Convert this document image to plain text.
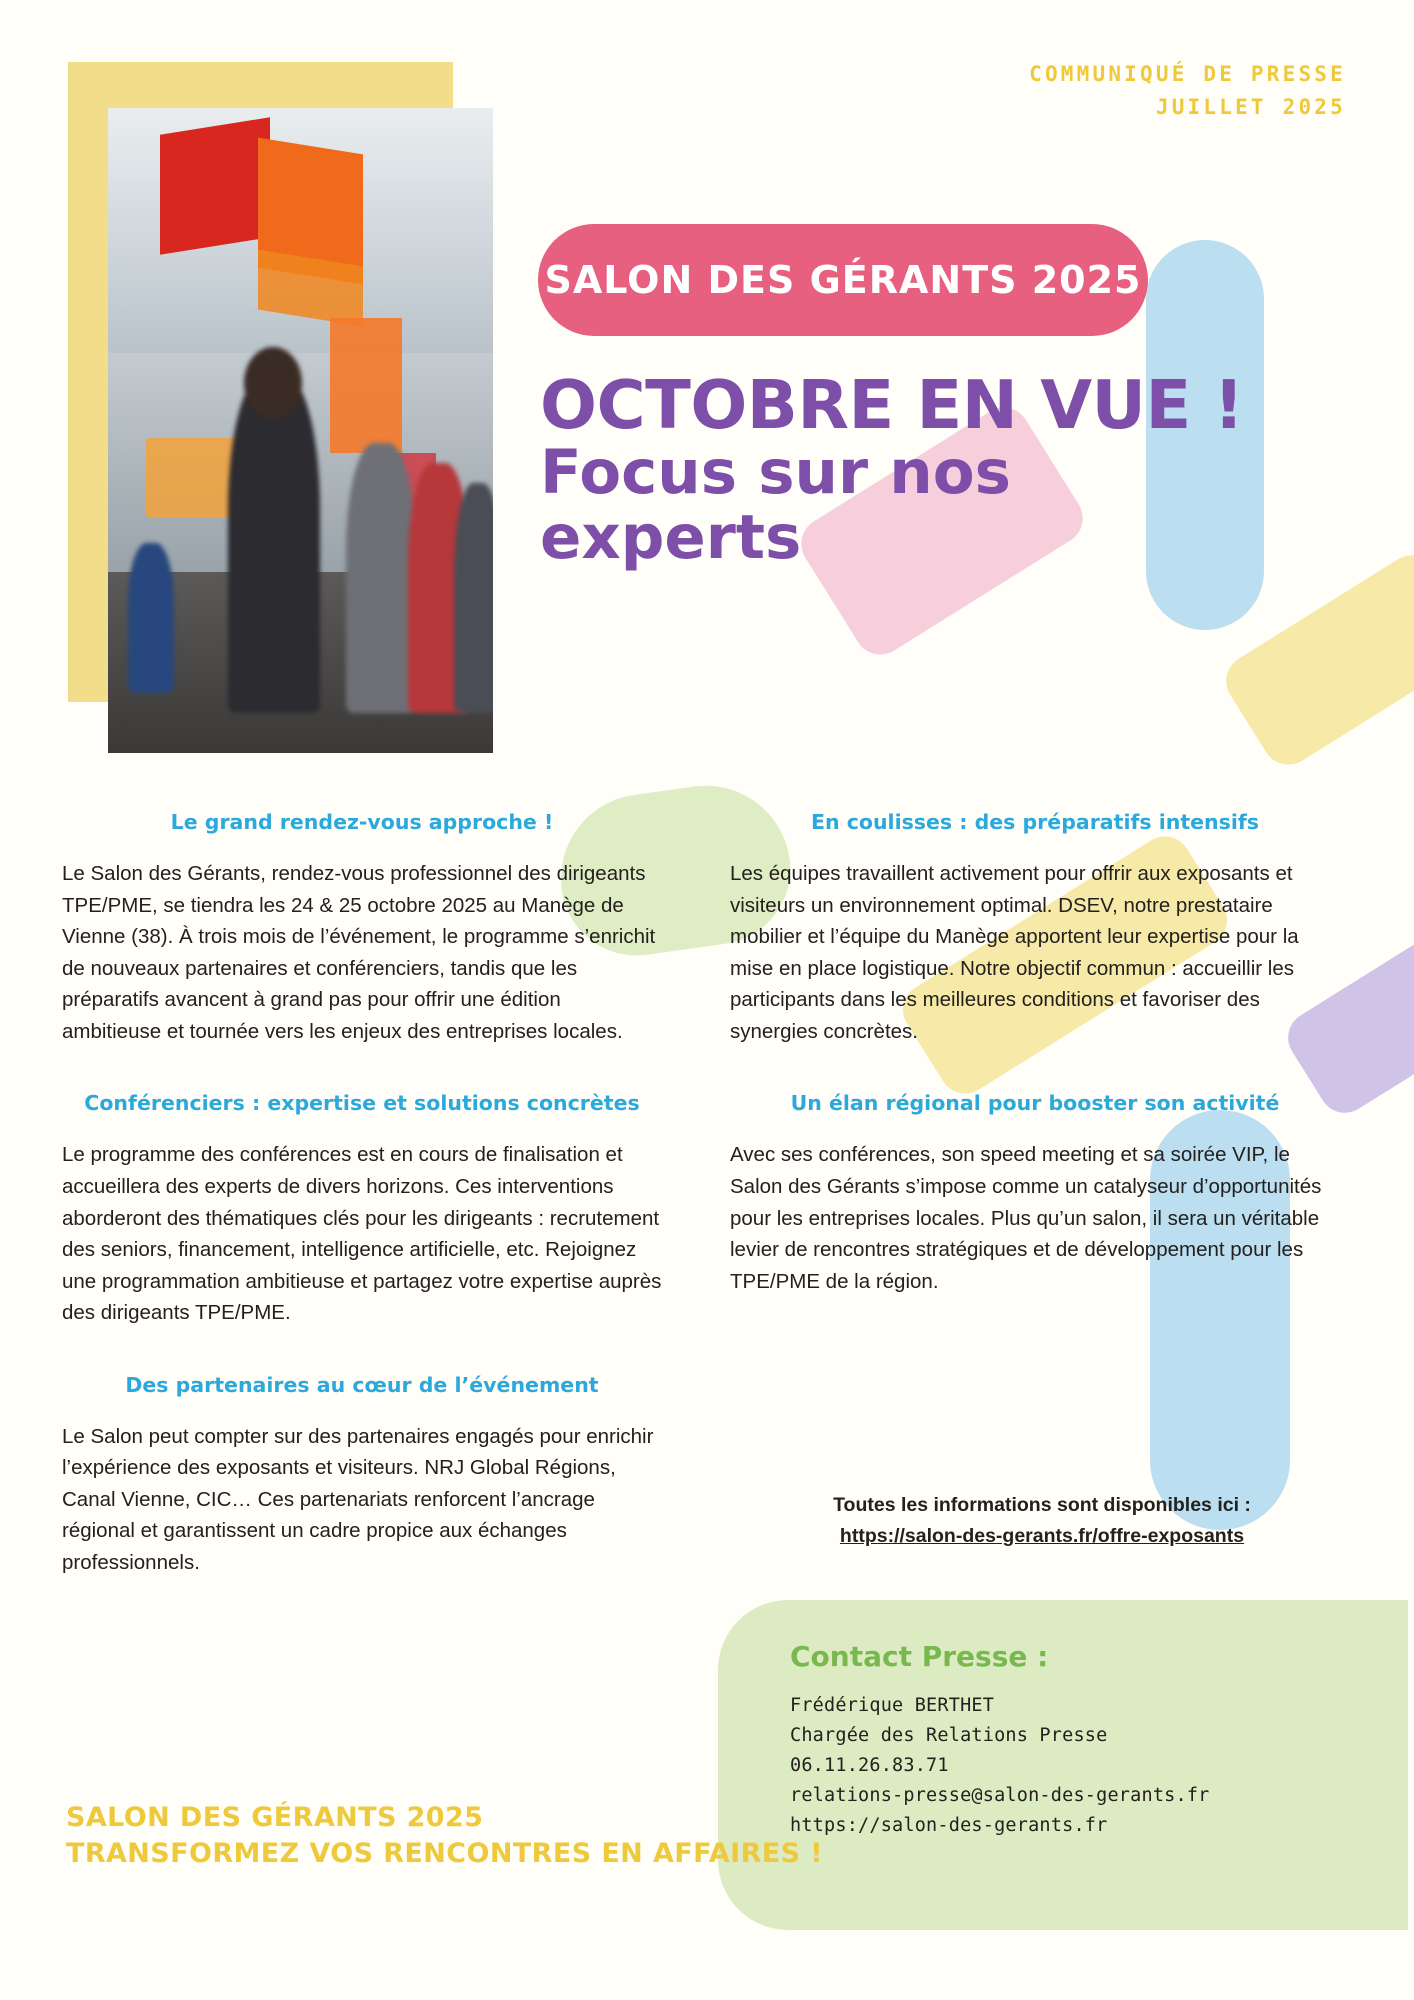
COMMUNIQUÉ DE PRESSE
JUILLET 2025
SALON DES GÉRANTS 2025
OCTOBRE EN VUE !
Focus sur nos
experts
Le grand rendez-vous approche !

Le Salon des Gérants, rendez-vous professionnel des dirigeants TPE/PME, se tiendra les 24 & 25 octobre 2025 au Manège de Vienne (38). À trois mois de l’événement, le programme s’enrichit de nouveaux partenaires et conférenciers, tandis que les préparatifs avancent à grand pas pour offrir une édition ambitieuse et tournée vers les enjeux des entreprises locales.

Conférenciers : expertise et solutions concrètes

Le programme des conférences est en cours de finalisation et accueillera des experts de divers horizons. Ces interventions aborderont des thématiques clés pour les dirigeants : recrutement des seniors, financement, intelligence artificielle, etc. Rejoignez une programmation ambitieuse et partagez votre expertise auprès des dirigeants TPE/PME.

Des partenaires au cœur de l’événement

Le Salon peut compter sur des partenaires engagés pour enrichir l’expérience des exposants et visiteurs. NRJ Global Régions, Canal Vienne, CIC… Ces partenariats renforcent l’ancrage régional et garantissent un cadre propice aux échanges professionnels.

En coulisses : des préparatifs intensifs

Les équipes travaillent activement pour offrir aux exposants et visiteurs un environnement optimal. DSEV, notre prestataire mobilier et l’équipe du Manège apportent leur expertise pour la mise en place logistique. Notre objectif commun : accueillir les participants dans les meilleures conditions et favoriser des synergies concrètes.

Un élan régional pour booster son activité

Avec ses conférences, son speed meeting et sa soirée VIP, le Salon des Gérants s’impose comme un catalyseur d’opportunités pour les entreprises locales. Plus qu’un salon, il sera un véritable levier de rencontres stratégiques et de développement pour les TPE/PME de la région.

Toutes les informations sont disponibles ici :
https://salon-des-gerants.fr/offre-exposants
Contact Presse :
Frédérique BERTHET
Chargée des Relations Presse
06.11.26.83.71
relations-presse@salon-des-gerants.fr
https://salon-des-gerants.fr
SALON DES GÉRANTS 2025
TRANSFORMEZ VOS RENCONTRES EN AFFAIRES !
